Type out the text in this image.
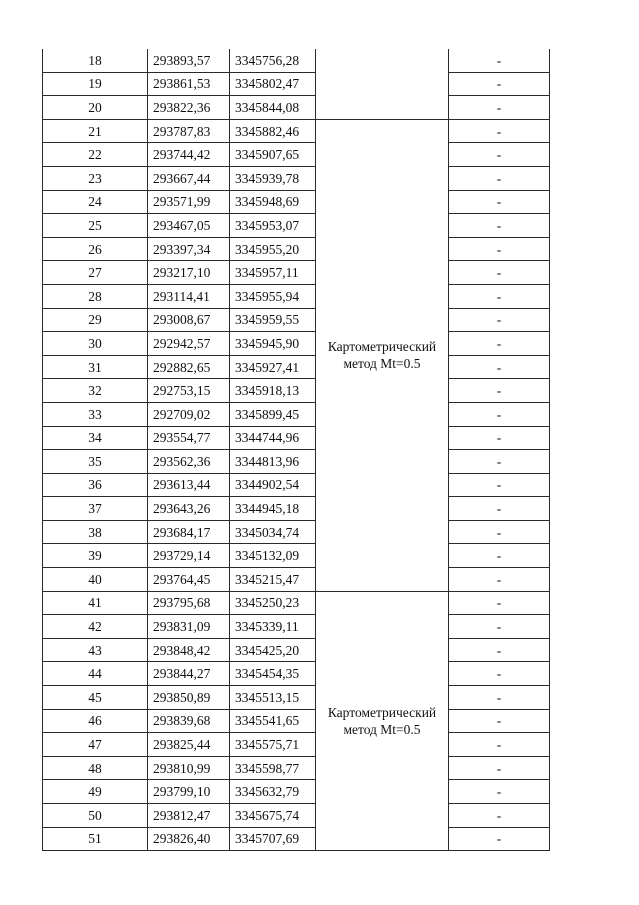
18	293893,57	3345756,28		-
19	293861,53	3345802,47		-
20	293822,36	3345844,08		-
21	293787,83	3345882,46	Картометрический метод Mt=0.5	-
22	293744,42	3345907,65		-
23	293667,44	3345939,78		-
24	293571,99	3345948,69		-
25	293467,05	3345953,07		-
26	293397,34	3345955,20		-
27	293217,10	3345957,11		-
28	293114,41	3345955,94		-
29	293008,67	3345959,55		-
30	292942,57	3345945,90		-
31	292882,65	3345927,41		-
32	292753,15	3345918,13		-
33	292709,02	3345899,45		-
34	293554,77	3344744,96		-
35	293562,36	3344813,96		-
36	293613,44	3344902,54		-
37	293643,26	3344945,18		-
38	293684,17	3345034,74		-
39	293729,14	3345132,09		-
40	293764,45	3345215,47		-
41	293795,68	3345250,23	Картометрический метод Mt=0.5	-
42	293831,09	3345339,11		-
43	293848,42	3345425,20		-
44	293844,27	3345454,35		-
45	293850,89	3345513,15		-
46	293839,68	3345541,65		-
47	293825,44	3345575,71		-
48	293810,99	3345598,77		-
49	293799,10	3345632,79		-
50	293812,47	3345675,74		-
51	293826,40	3345707,69		-
